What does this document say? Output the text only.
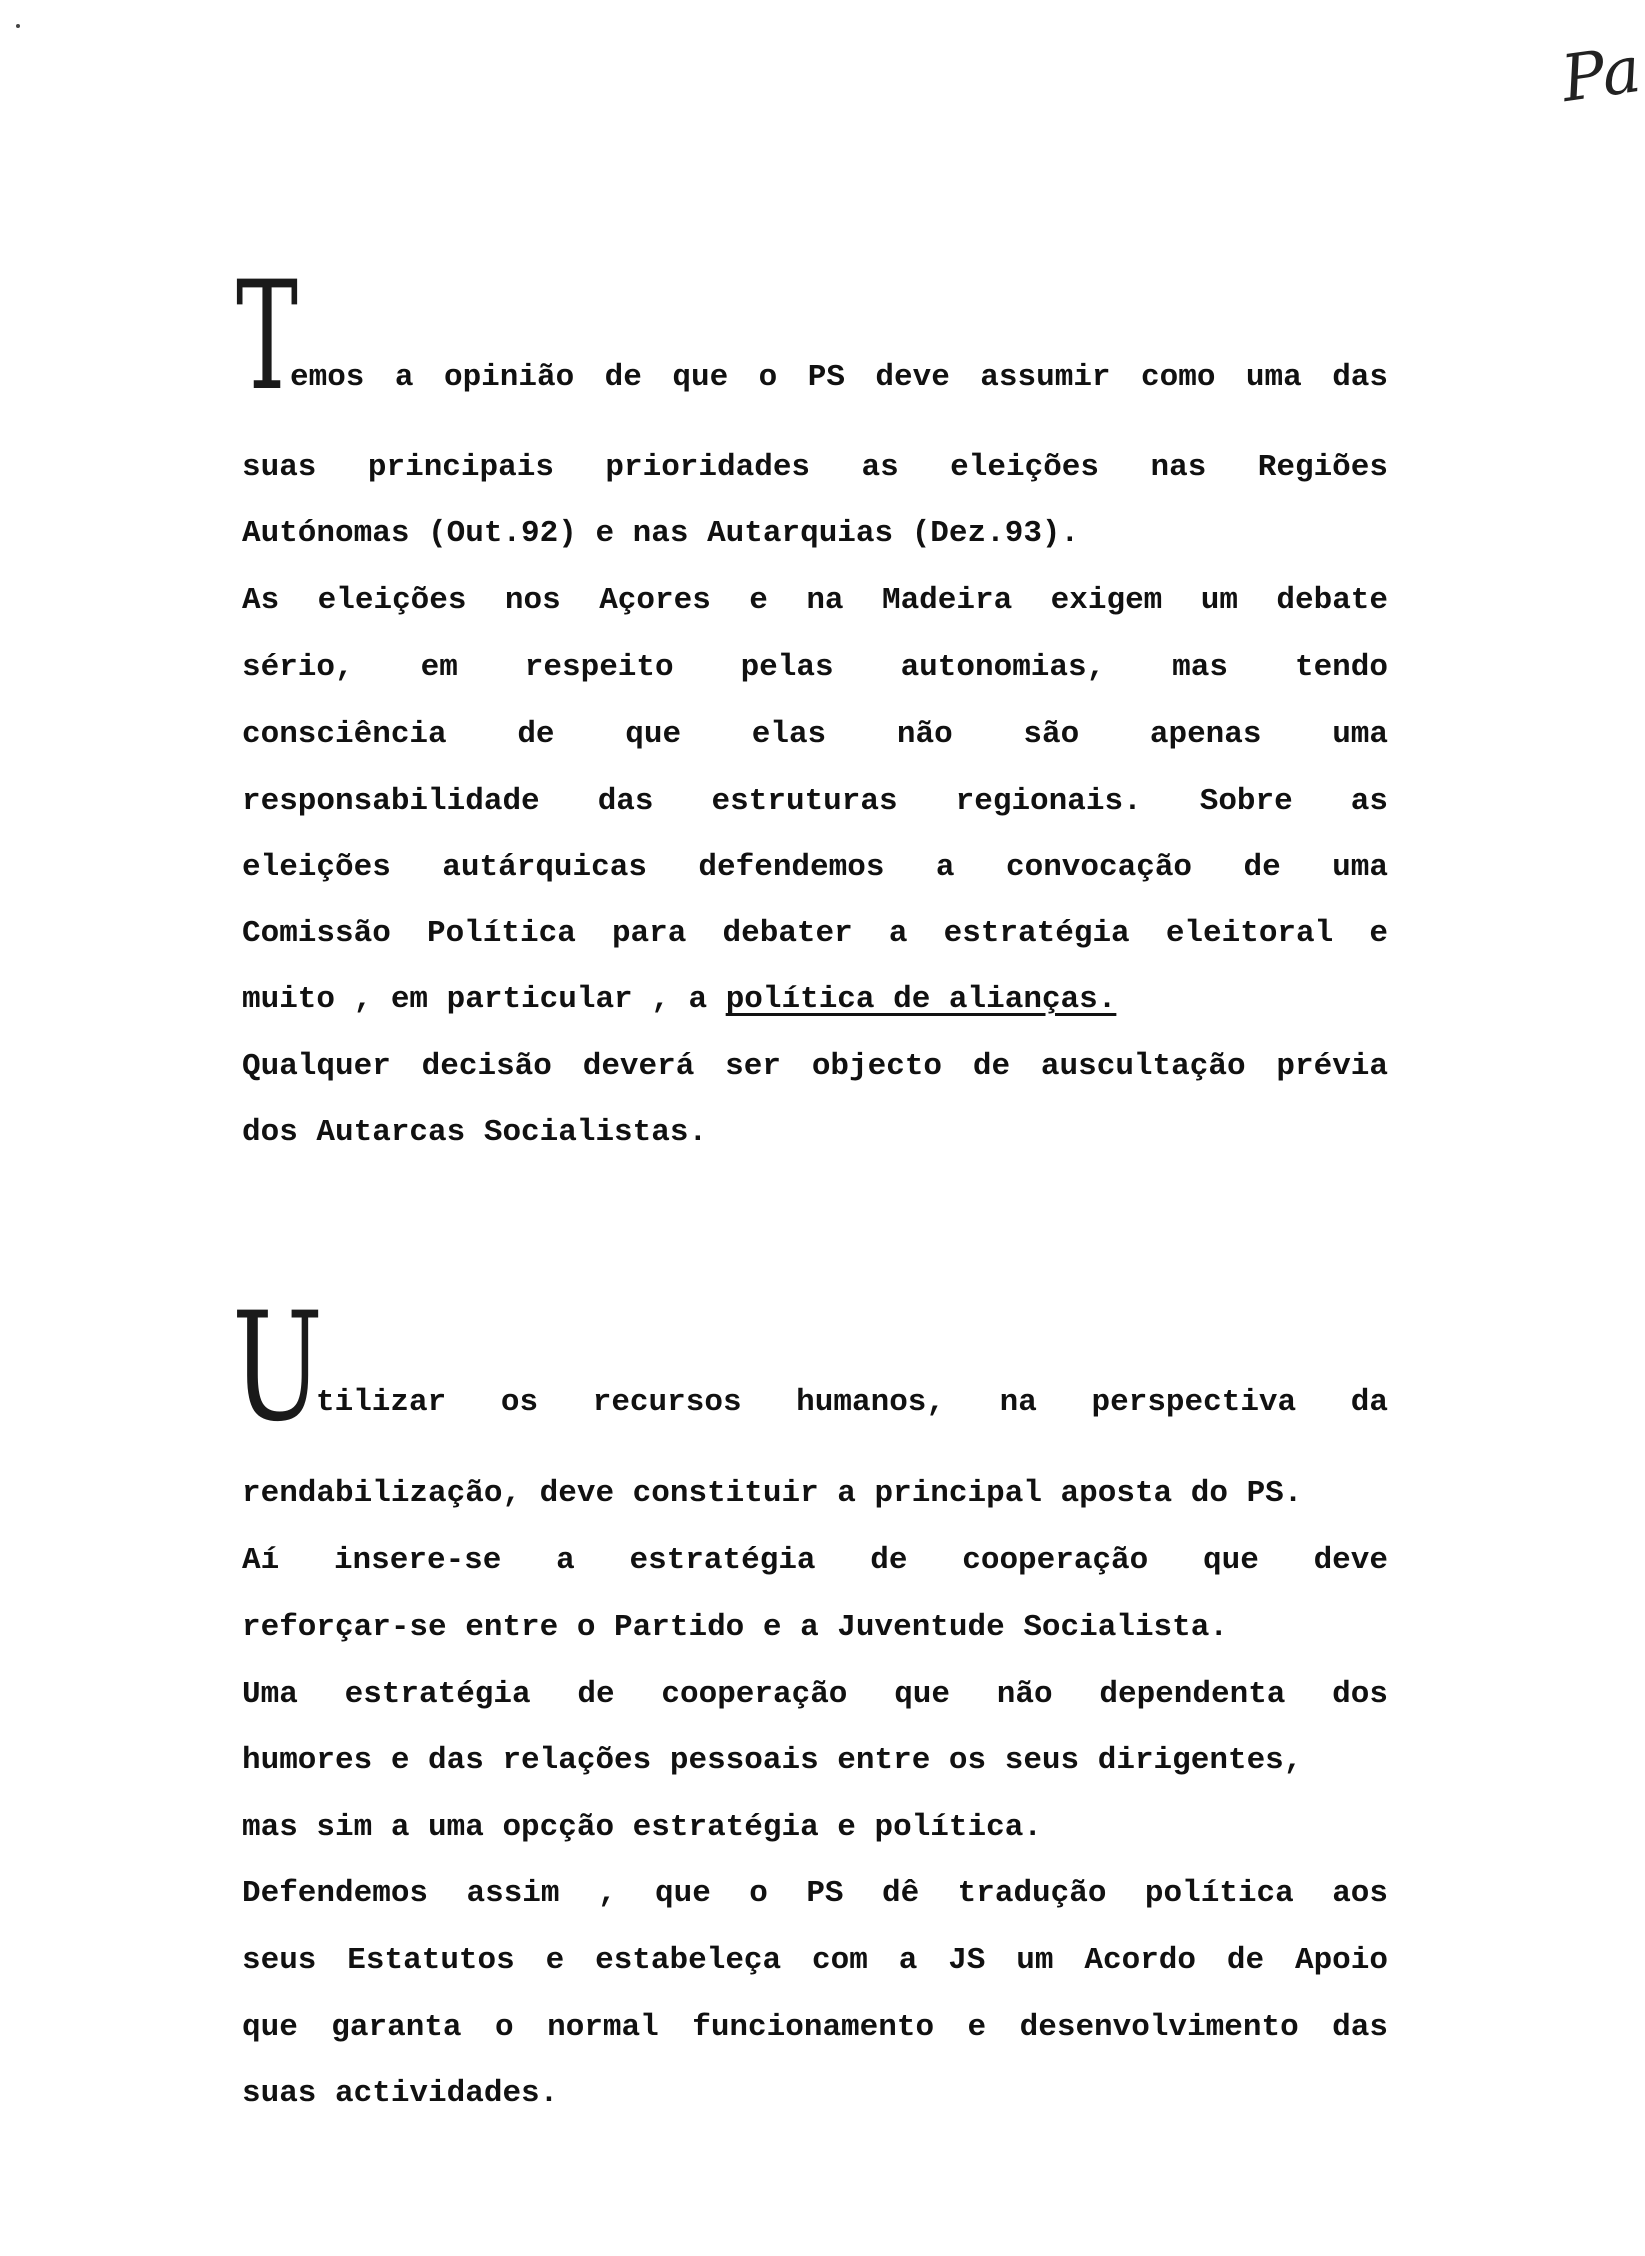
Pa
T
emos a opinião de que o PS deve assumir como uma das
suas principais prioridades as eleições nas Regiões
Autónomas (Out.92) e nas Autarquias (Dez.93).
As eleições nos Açores e na Madeira exigem um debate
sério, em respeito pelas autonomias, mas tendo
consciência de que elas não são apenas uma
responsabilidade das estruturas regionais. Sobre as
eleições autárquicas defendemos a convocação de uma
Comissão Política para debater a estratégia eleitoral e
muito , em particular , a política de alianças.
Qualquer decisão deverá ser objecto de auscultação prévia
dos Autarcas Socialistas.
U
tilizar os recursos humanos, na perspectiva da
rendabilização, deve constituir a principal aposta do PS.
Aí insere-se a estratégia de cooperação que deve
reforçar-se entre o Partido e a Juventude Socialista.
Uma estratégia de cooperação que não dependenta dos
humores e das relações pessoais entre os seus dirigentes,
mas sim a uma opcção estratégia e política.
Defendemos assim , que o PS dê tradução política aos
seus Estatutos e estabeleça com a JS um Acordo de Apoio
que garanta o normal funcionamento e desenvolvimento das
suas actividades.
